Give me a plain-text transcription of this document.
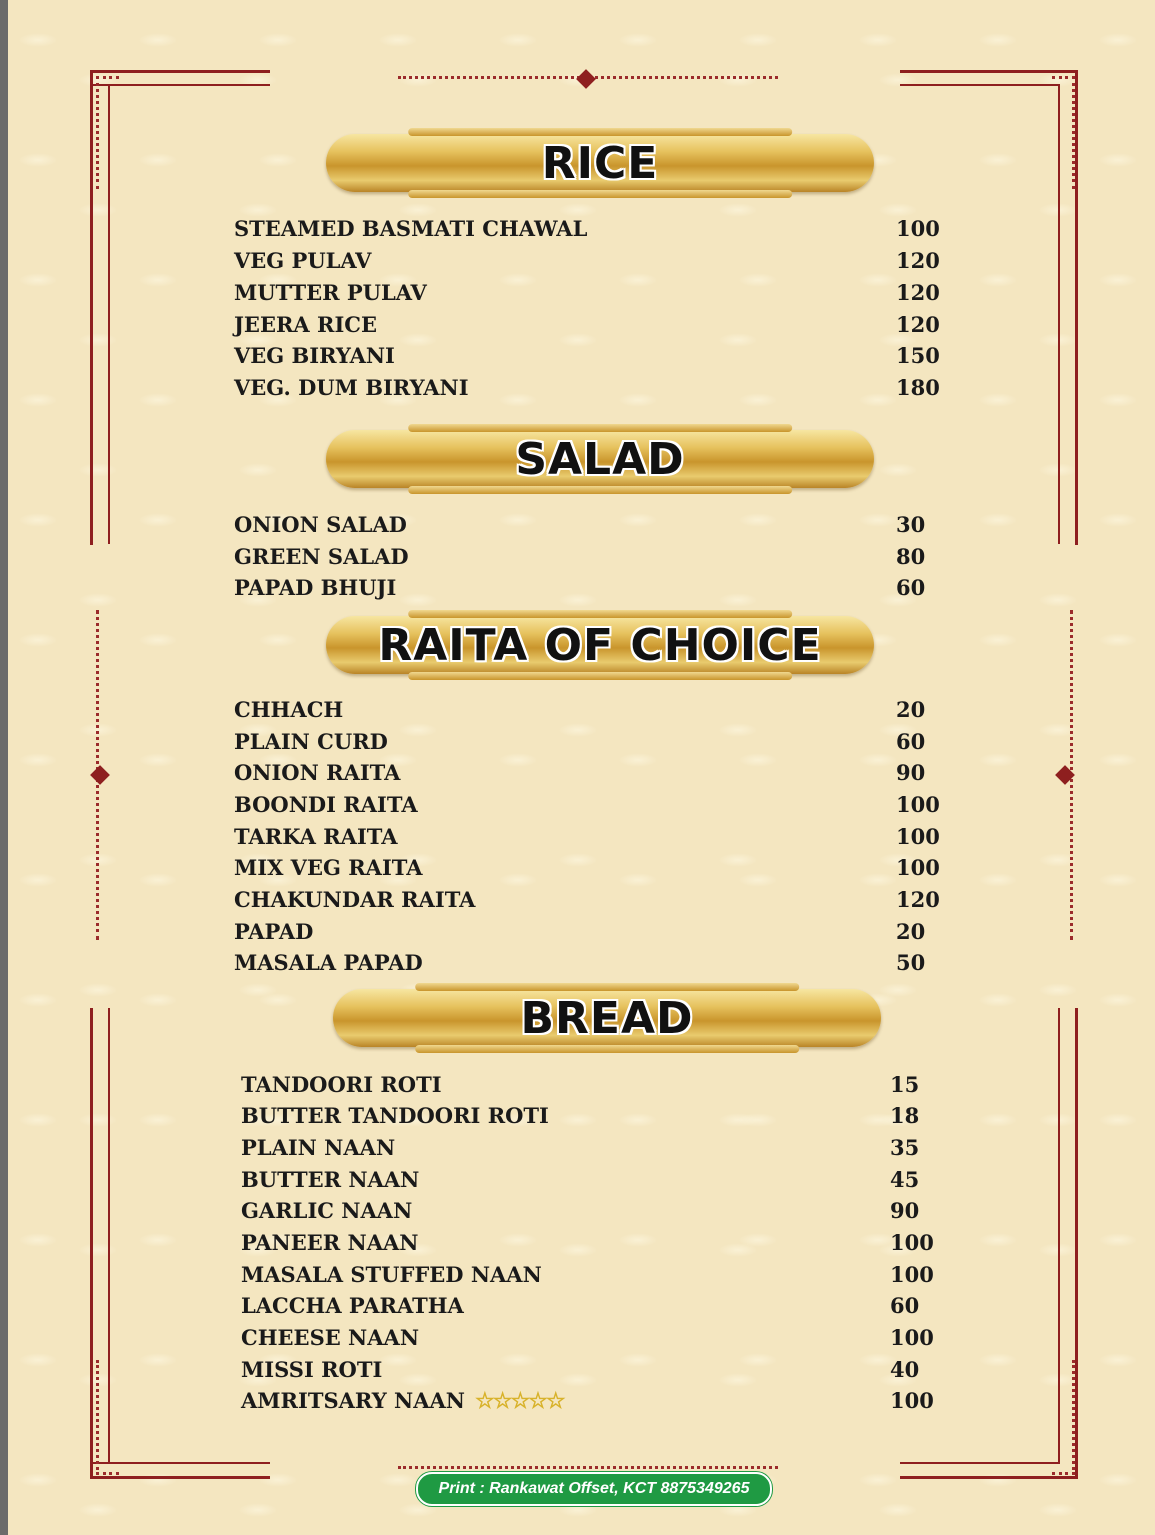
RICE
STEAMED BASMATI CHAWAL	100
VEG PULAV	120
MUTTER PULAV	120
JEERA RICE	120
VEG BIRYANI	150
VEG. DUM BIRYANI	180
SALAD
ONION SALAD	30
GREEN SALAD	80
PAPAD BHUJI	60
RAITA OF CHOICE
CHHACH	20
PLAIN CURD	60
ONION RAITA	90
BOONDI RAITA	100
TARKA RAITA	100
MIX VEG RAITA	100
CHAKUNDAR RAITA	120
PAPAD	20
MASALA PAPAD	50
BREAD
TANDOORI ROTI	15
BUTTER TANDOORI ROTI	18
PLAIN NAAN	35
BUTTER NAAN	45
GARLIC NAAN	90
PANEER NAAN	100
MASALA STUFFED NAAN	100
LACCHA PARATHA	60
CHEESE NAAN	100
MISSI ROTI	40
AMRITSARY NAAN ☆☆☆☆☆	100
Print : Rankawat Offset, KCT 8875349265
